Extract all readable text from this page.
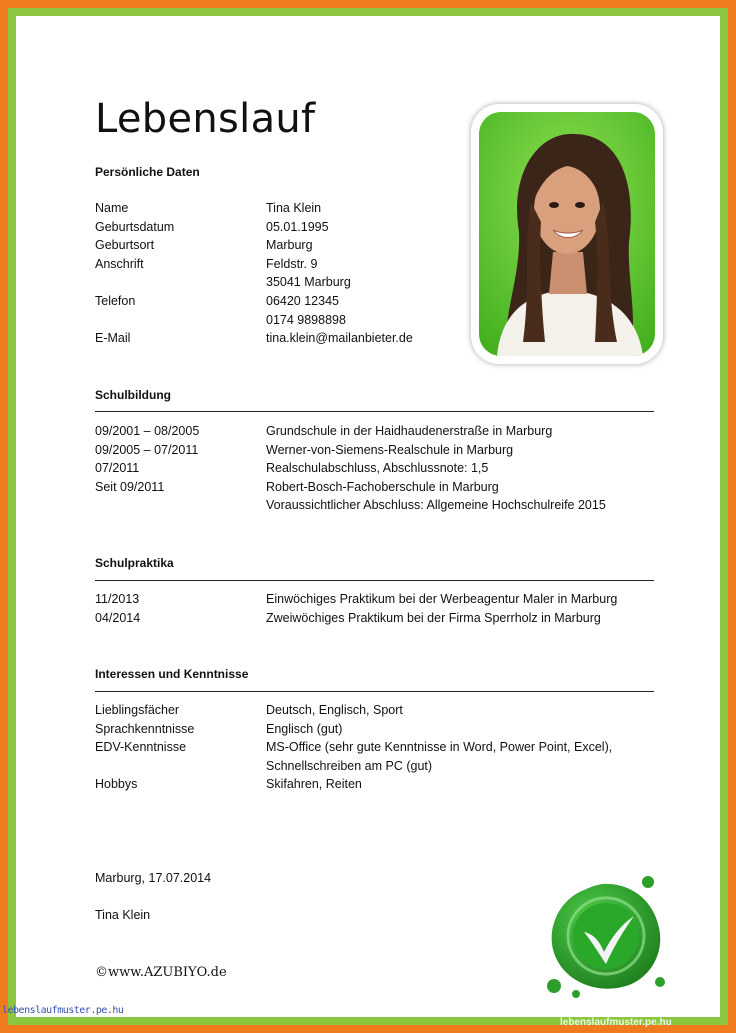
Lebenslauf
Persönliche Daten
Name	Tina Klein
Geburtsdatum	05.01.1995
Geburtsort	Marburg
Anschrift	Feldstr. 9
35041 Marburg
Telefon	06420 12345
0174 9898898
E-Mail	tina.klein@mailanbieter.de
Schulbildung
09/2001 – 08/2005	Grundschule in der Haidhaudenerstraße in Marburg
09/2005 – 07/2011	Werner-von-Siemens-Realschule in Marburg
07/2011	Realschulabschluss, Abschlussnote: 1,5
Seit 09/2011	Robert-Bosch-Fachoberschule in Marburg
Voraussichtlicher Abschluss: Allgemeine Hochschulreife 2015
Schulpraktika
11/2013	Einwöchiges Praktikum bei der Werbeagentur Maler in Marburg
04/2014	Zweiwöchiges Praktikum bei der Firma Sperrholz in Marburg
Interessen und Kenntnisse
Lieblingsfächer	Deutsch, Englisch, Sport
Sprachkenntnisse	Englisch (gut)
EDV-Kenntnisse	MS-Office (sehr gute Kenntnisse in Word, Power Point, Excel),
Schnellschreiben am PC (gut)
Hobbys	Skifahren, Reiten
Marburg, 17.07.2014
Tina Klein
©www.AZUBIYO.de
lebenslaufmuster.pe.hu
lebenslaufmuster.pe.hu
